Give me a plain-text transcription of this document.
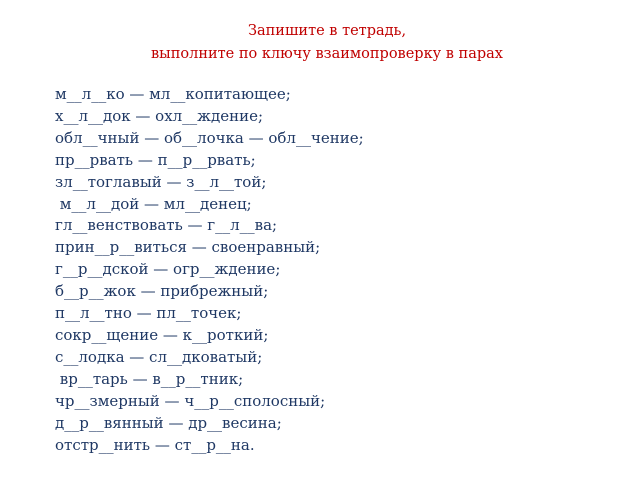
Запишите в тетрадь,
выполните по ключу взаимопроверку в парах
м__л__ко — мл__копитающее;
х__л__док — охл__ждение;
обл__чный — об__лочка — обл__чение;
пр__рвать — п__р__рвать;
зл__тоглавый — з__л__той;
м__л__дой — мл__денец;
гл__венствовать — г__л__ва;
прин__р__виться — своенравный;
г__р__дской — огр__ждение;
б__р__жок — прибрежный;
п__л__тно — пл__точек;
сокр__щение — к__роткий;
с__лодка — сл__дковатый;
вр__тарь — в__р__тник;
чр__змерный — ч__р__сполосный;
д__р__вянный — др__весина;
отстр__нить — ст__р__на.
